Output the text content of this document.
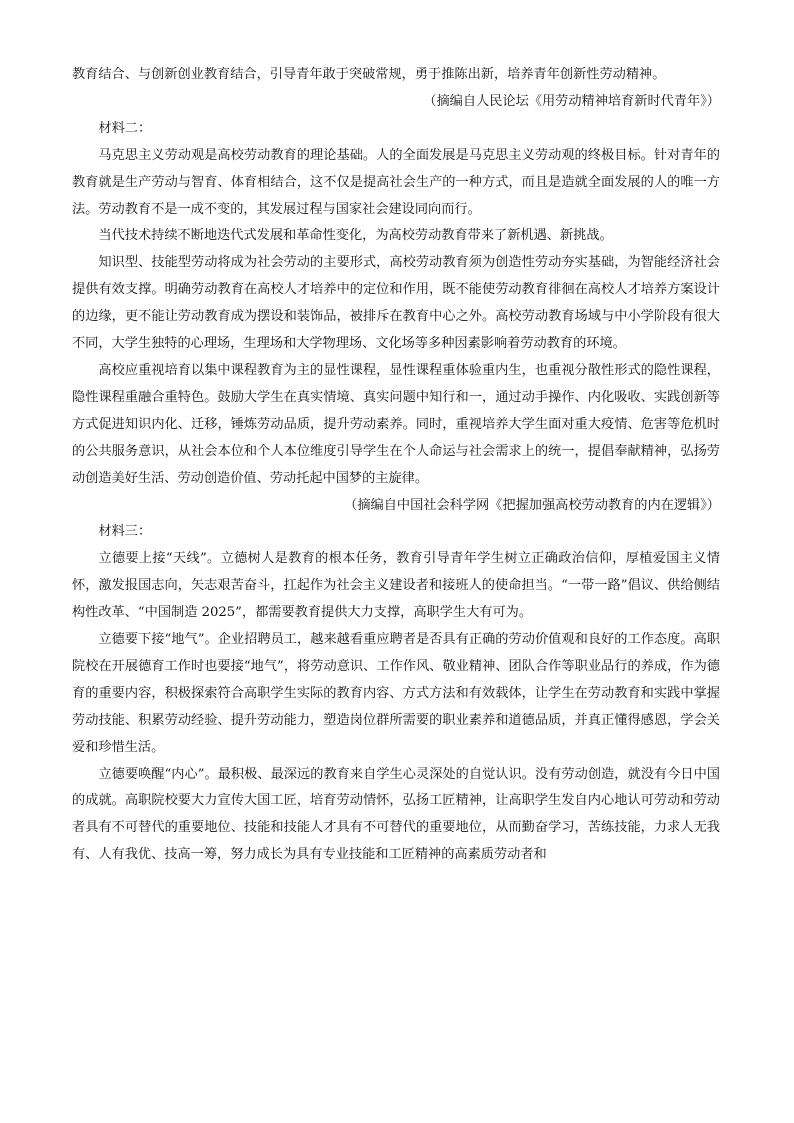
教育结合、与创新创业教育结合，引导青年敢于突破常规，勇于推陈出新，培养青年创新性劳动精神。

（摘编自人民论坛《用劳动精神培育新时代青年》）

材料二：

马克思主义劳动观是高校劳动教育的理论基础。人的全面发展是马克思主义劳动观的终极目标。针对青年的教育就是生产劳动与智育、体育相结合，这不仅是提高社会生产的一种方式，而且是造就全面发展的人的唯一方法。劳动教育不是一成不变的，其发展过程与国家社会建设同向而行。

当代技术持续不断地迭代式发展和革命性变化，为高校劳动教育带来了新机遇、新挑战。

知识型、技能型劳动将成为社会劳动的主要形式，高校劳动教育须为创造性劳动夯实基础，为智能经济社会提供有效支撑。明确劳动教育在高校人才培养中的定位和作用，既不能使劳动教育徘徊在高校人才培养方案设计的边缘，更不能让劳动教育成为摆设和装饰品，被排斥在教育中心之外。高校劳动教育场域与中小学阶段有很大不同，大学生独特的心理场，生理场和大学物理场、文化场等多种因素影响着劳动教育的环境。

高校应重视培育以集中课程教育为主的显性课程，显性课程重体验重内生，也重视分散性形式的隐性课程，隐性课程重融合重特色。鼓励大学生在真实情境、真实问题中知行和一，通过动手操作、内化吸收、实践创新等方式促进知识内化、迁移，锤炼劳动品质，提升劳动素养。同时，重视培养大学生面对重大疫情、危害等危机时的公共服务意识，从社会本位和个人本位维度引导学生在个人命运与社会需求上的统一，提倡奉献精神，弘扬劳动创造美好生活、劳动创造价值、劳动托起中国梦的主旋律。

（摘编自中国社会科学网《把握加强高校劳动教育的内在逻辑》）

材料三：

立德要上接“天线”。立德树人是教育的根本任务，教育引导青年学生树立正确政治信仰，厚植爱国主义情怀，激发报国志向，矢志艰苦奋斗，扛起作为社会主义建设者和接班人的使命担当。“一带一路”倡议、供给侧结构性改革、“中国制造 2025”，都需要教育提供大力支撑，高职学生大有可为。

立德要下接“地气”。企业招聘员工，越来越看重应聘者是否具有正确的劳动价值观和良好的工作态度。高职院校在开展德育工作时也要接“地气”，将劳动意识、工作作风、敬业精神、团队合作等职业品行的养成，作为德育的重要内容，积极探索符合高职学生实际的教育内容、方式方法和有效载体，让学生在劳动教育和实践中掌握劳动技能、积累劳动经验、提升劳动能力，塑造岗位群所需要的职业素养和道德品质，并真正懂得感恩，学会关爱和珍惜生活。

立德要唤醒“内心”。最积极、最深远的教育来自学生心灵深处的自觉认识。没有劳动创造，就没有今日中国的成就。高职院校要大力宣传大国工匠，培育劳动情怀，弘扬工匠精神，让高职学生发自内心地认可劳动和劳动者具有不可替代的重要地位、技能和技能人才具有不可替代的重要地位，从而勤奋学习，苦练技能，力求人无我有、人有我优、技高一筹，努力成长为具有专业技能和工匠精神的高素质劳动者和
